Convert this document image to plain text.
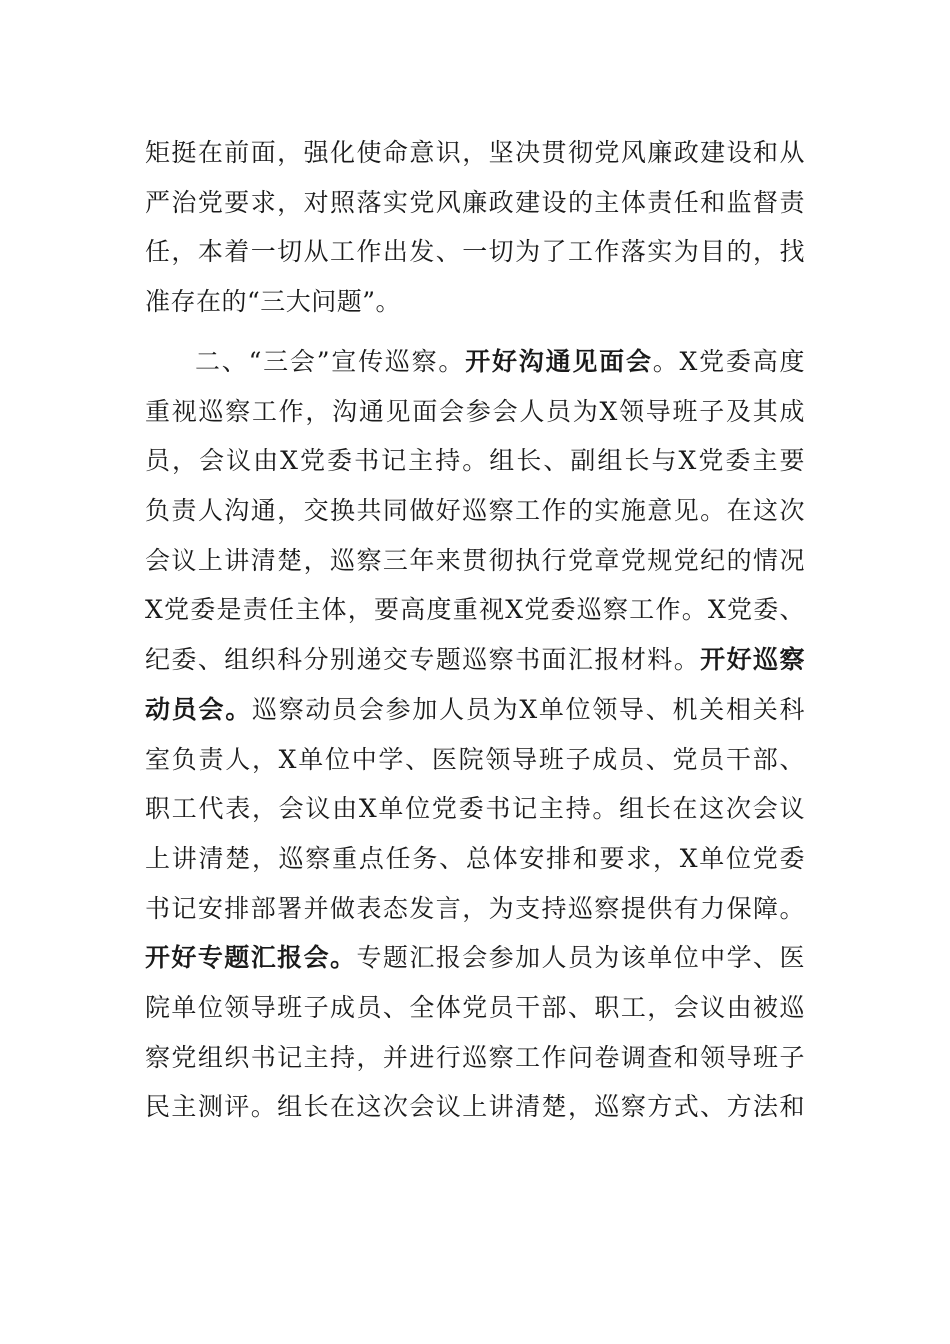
矩挺在前面，强化使命意识，坚决贯彻党风廉政建设和从
严治党要求，对照落实党风廉政建设的主体责任和监督责
任，本着一切从工作出发、一切为了工作落实为目的，找
准存在的“三大问题”。
二、“三会”宣传巡察。开好沟通见面会。X党委高度
重视巡察工作，沟通见面会参会人员为X领导班子及其成
员，会议由X党委书记主持。组长、副组长与X党委主要
负责人沟通，交换共同做好巡察工作的实施意见。在这次
会议上讲清楚，巡察三年来贯彻执行党章党规党纪的情况
X党委是责任主体，要高度重视X党委巡察工作。X党委、
纪委、组织科分别递交专题巡察书面汇报材料。开好巡察
动员会。巡察动员会参加人员为X单位领导、机关相关科
室负责人，X单位中学、医院领导班子成员、党员干部、
职工代表，会议由X单位党委书记主持。组长在这次会议
上讲清楚，巡察重点任务、总体安排和要求，X单位党委
书记安排部署并做表态发言，为支持巡察提供有力保障。
开好专题汇报会。专题汇报会参加人员为该单位中学、医
院单位领导班子成员、全体党员干部、职工，会议由被巡
察党组织书记主持，并进行巡察工作问卷调查和领导班子
民主测评。组长在这次会议上讲清楚，巡察方式、方法和
